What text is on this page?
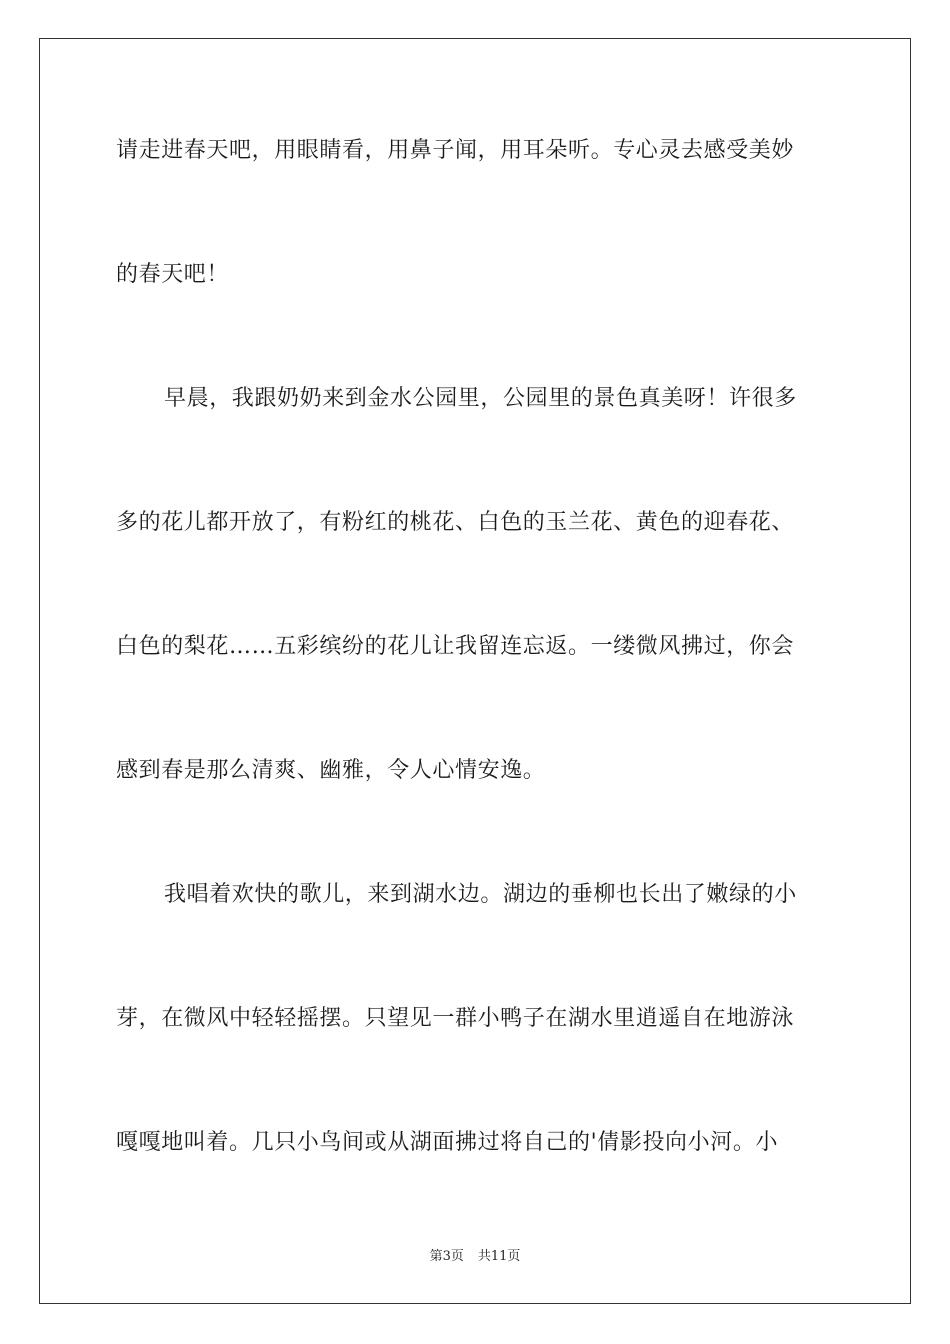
请走进春天吧，用眼睛看，用鼻子闻，用耳朵听。专心灵去感受美妙
的春天吧！
早晨，我跟奶奶来到金水公园里，公园里的景色真美呀！许很多
多的花儿都开放了，有粉红的桃花、白色的玉兰花、黄色的迎春花、
白色的梨花……五彩缤纷的花儿让我留连忘返。一缕微风拂过，你会
感到春是那么清爽、幽雅，令人心情安逸。
我唱着欢快的歌儿，来到湖水边。湖边的垂柳也长出了嫩绿的小
芽，在微风中轻轻摇摆。只望见一群小鸭子在湖水里逍遥自在地游泳
嘎嘎地叫着。几只小鸟间或从湖面拂过将自己的'倩影投向小河。小
第3页 共11页
